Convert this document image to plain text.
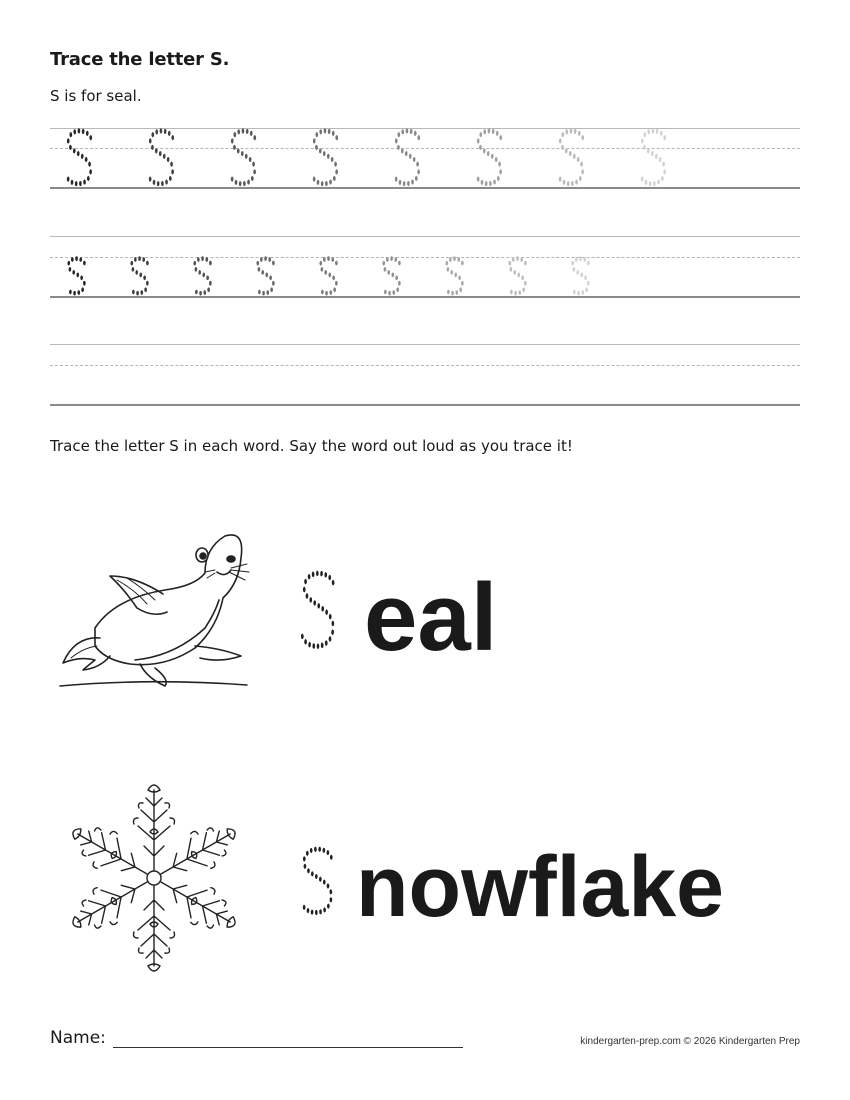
Trace the letter S.
S is for seal.
Trace the letter S in each word. Say the word out loud as you trace it!
eal
nowflake
Name:	kindergarten-prep.com © 2026 Kindergarten Prep
